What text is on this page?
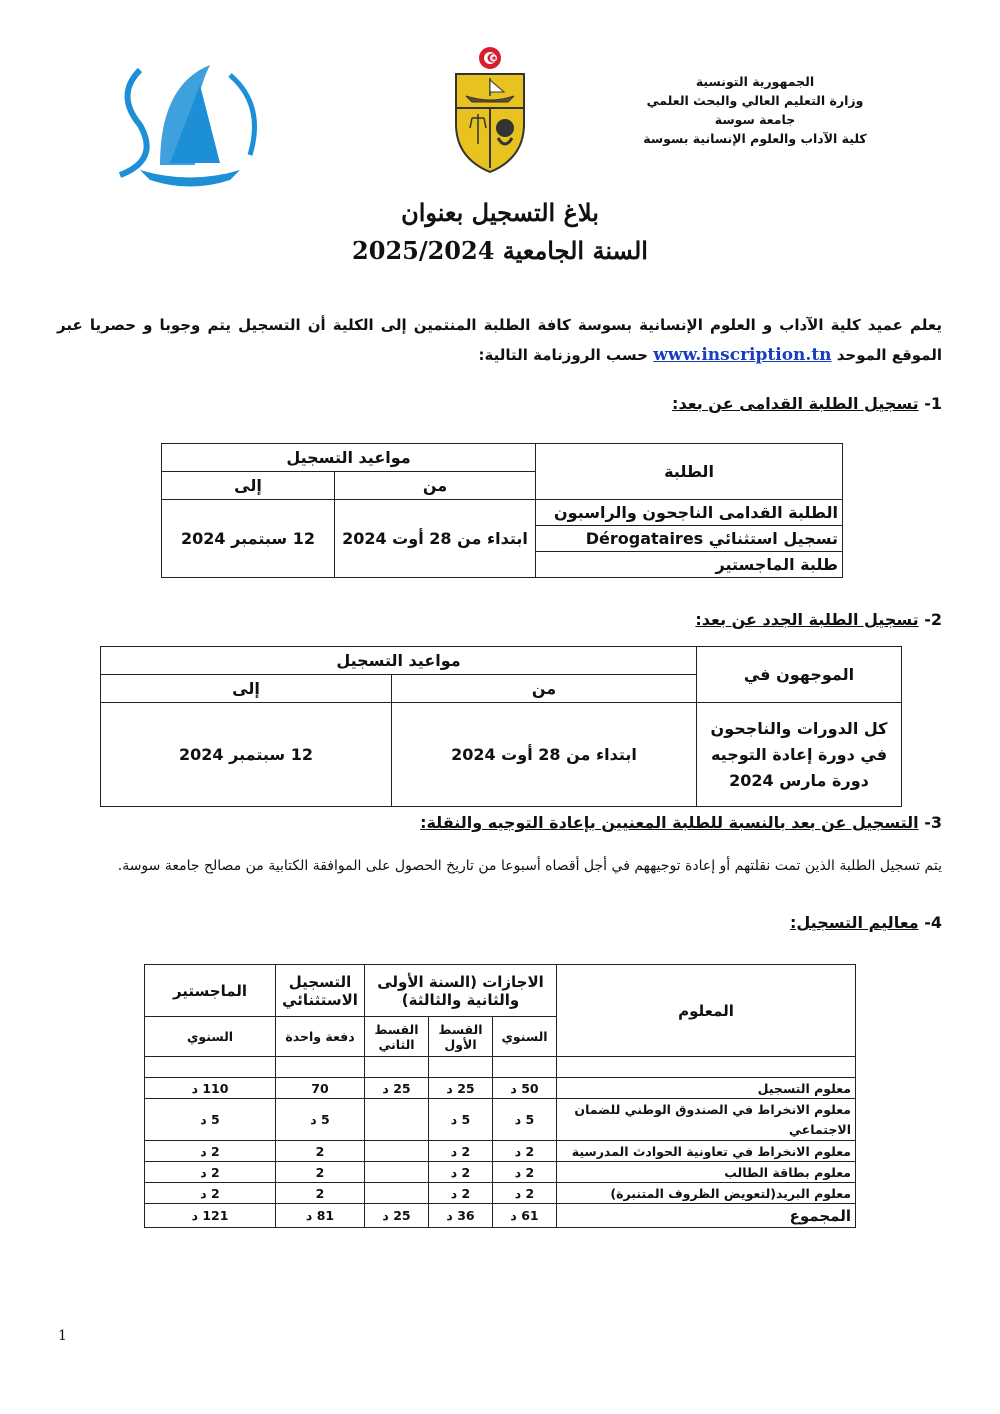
الجمهورية التونسية
وزارة التعليم العالي والبحث العلمي
جامعة سوسة
كلية الآداب والعلوم الإنسانية بسوسة
بلاغ التسجيل بعنوان
السنة الجامعية 2025/2024
يعلم عميد كلية الآداب و العلوم الإنسانية بسوسة كافة الطلبة المنتمين إلى الكلية أن التسجيل يتم وجوبا و حصريا عبر الموقع الموحد www.inscription.tn حسب الروزنامة التالية:
1- تسجيل الطلبة القدامى عن بعد:
الطلبة	مواعيد التسجيل	
	من	إلى
الطلبة القدامى الناجحون والراسبون	ابتداء من 28 أوت 2024	12 سبتمبر 2024
تسجيل استثنائي Dérogataires		
طلبة الماجستير		
2- تسجيل الطلبة الجدد عن بعد:
الموجهون في	مواعيد التسجيل	
	من	إلى
كل الدورات والناجحون في دورة إعادة التوجيه دورة مارس 2024	ابتداء من 28 أوت 2024	12 سبتمبر 2024
3- التسجيل عن بعد بالنسبة للطلبة المعنيين بإعادة التوجيه والنقلة:
يتم تسجيل الطلبة الذين تمت نقلتهم أو إعادة توجيههم في أجل أقصاه أسبوعا من تاريخ الحصول على الموافقة الكتابية من مصالح جامعة سوسة.
4- معاليم التسجيل:
المعلوم	الاجازات (السنة الأولى والثانية والثالثة)			التسجيل الاستثنائي	الماجستير
	السنوي	القسط الأول	القسط الثاني	دفعة واحدة	السنوي

معلوم التسجيل	50 د	25 د	25 د	70	110 د
معلوم الانخراط في الصندوق الوطني للضمان الاجتماعي	5 د	5 د		5 د	5 د
معلوم الانخراط في تعاونية الحوادث المدرسية	2 د	2 د		2	2 د
معلوم بطاقة الطالب	2 د	2 د		2	2 د
معلوم البريد(لتعويض الظروف المتنبرة)	2 د	2 د		2	2 د
المجموع	61 د	36 د	25 د	81 د	121 د
1
